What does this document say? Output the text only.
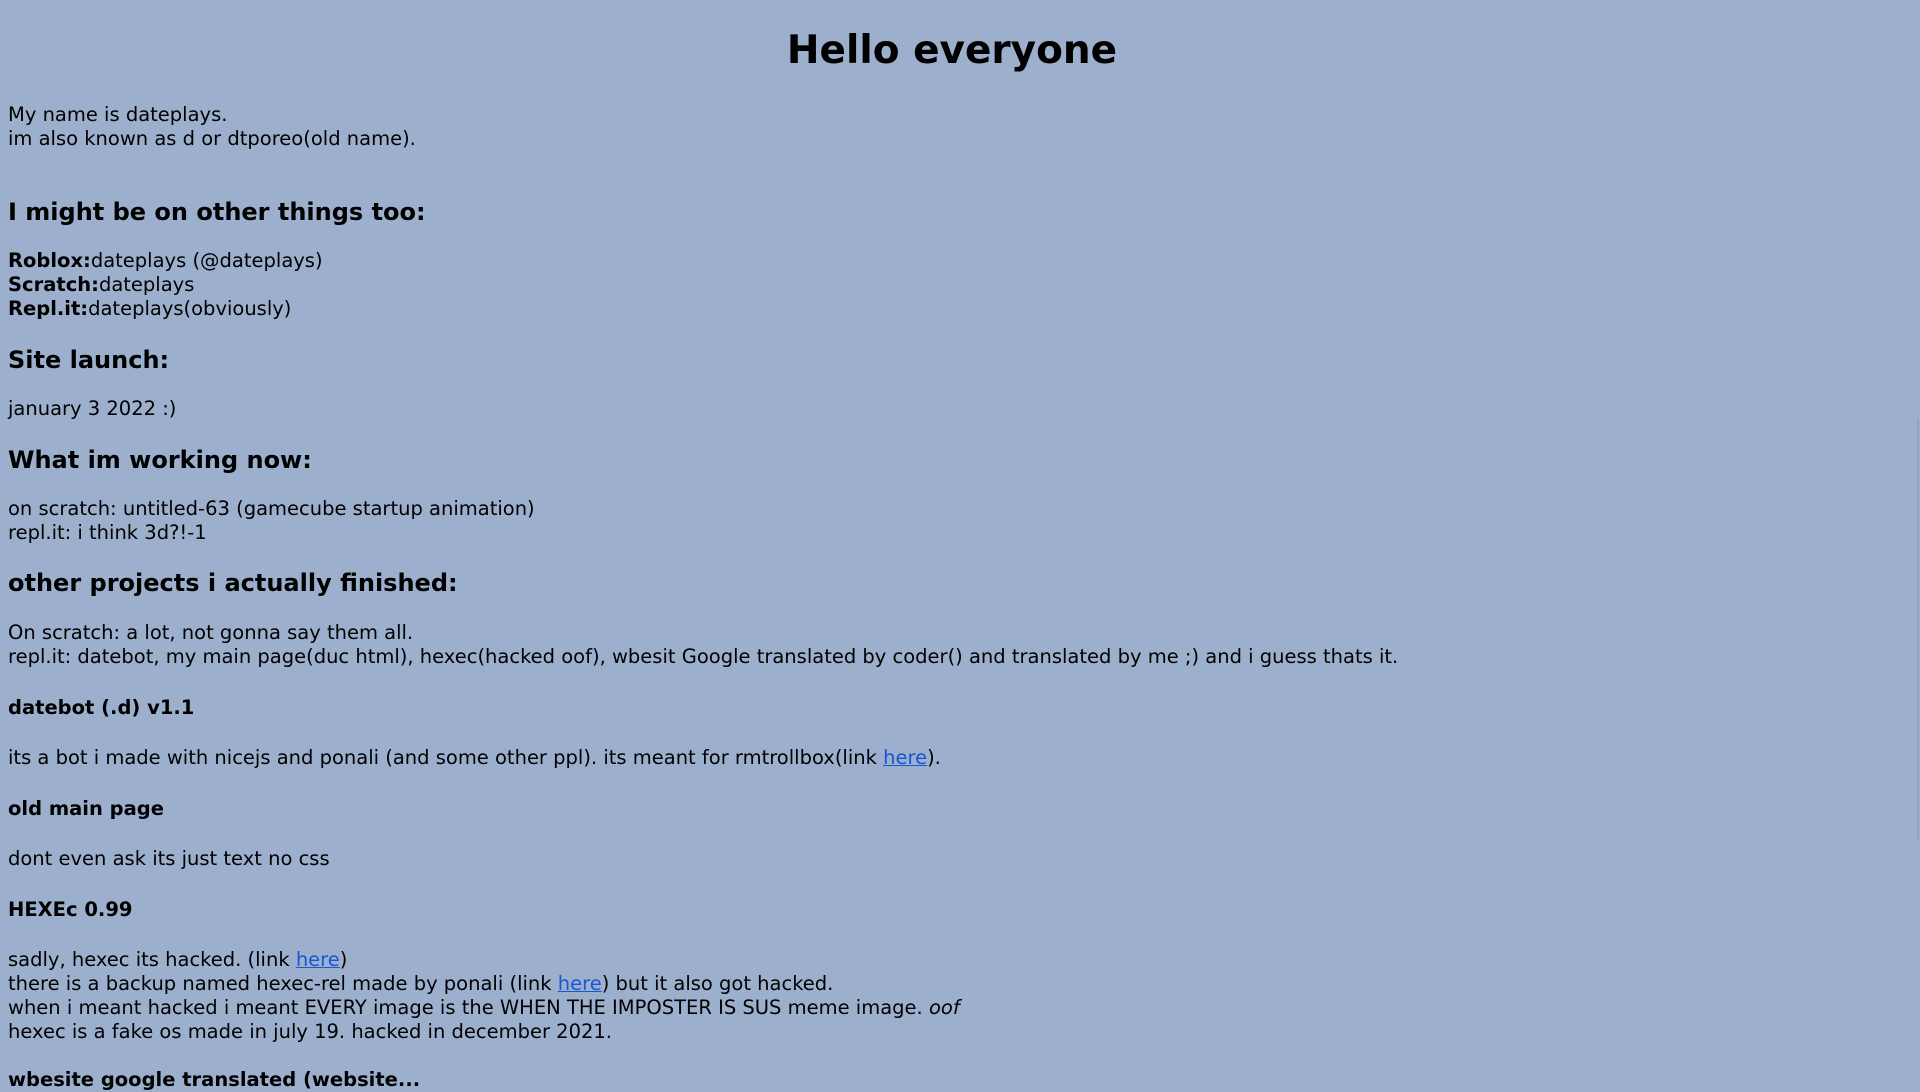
Hello everyone
My name is dateplays.
im also known as d or dtporeo(old name).
I might be on other things too:
Roblox:dateplays (@dateplays)
Scratch:dateplays
Repl.it:dateplays(obviously)
Site launch:
january 3 2022 :)
What im working now:
on scratch: untitled-63 (gamecube startup animation)
repl.it: i think 3d?!-1
other projects i actually finished:
On scratch: a lot, not gonna say them all.
repl.it: datebot, my main page(duc html), hexec(hacked oof), wbesit Google translated by coder() and translated by me ;) and i guess thats it.
datebot (.d) v1.1
its a bot i made with nicejs and ponali (and some other ppl). its meant for rmtrollbox(link here).
old main page
dont even ask its just text no css
HEXEc 0.99
sadly, hexec its hacked. (link here)
there is a backup named hexec-rel made by ponali (link here) but it also got hacked.
when i meant hacked i meant EVERY image is the WHEN THE IMPOSTER IS SUS meme image. oof
hexec is a fake os made in july 19. hacked in december 2021.
wbesite google translated (website...
